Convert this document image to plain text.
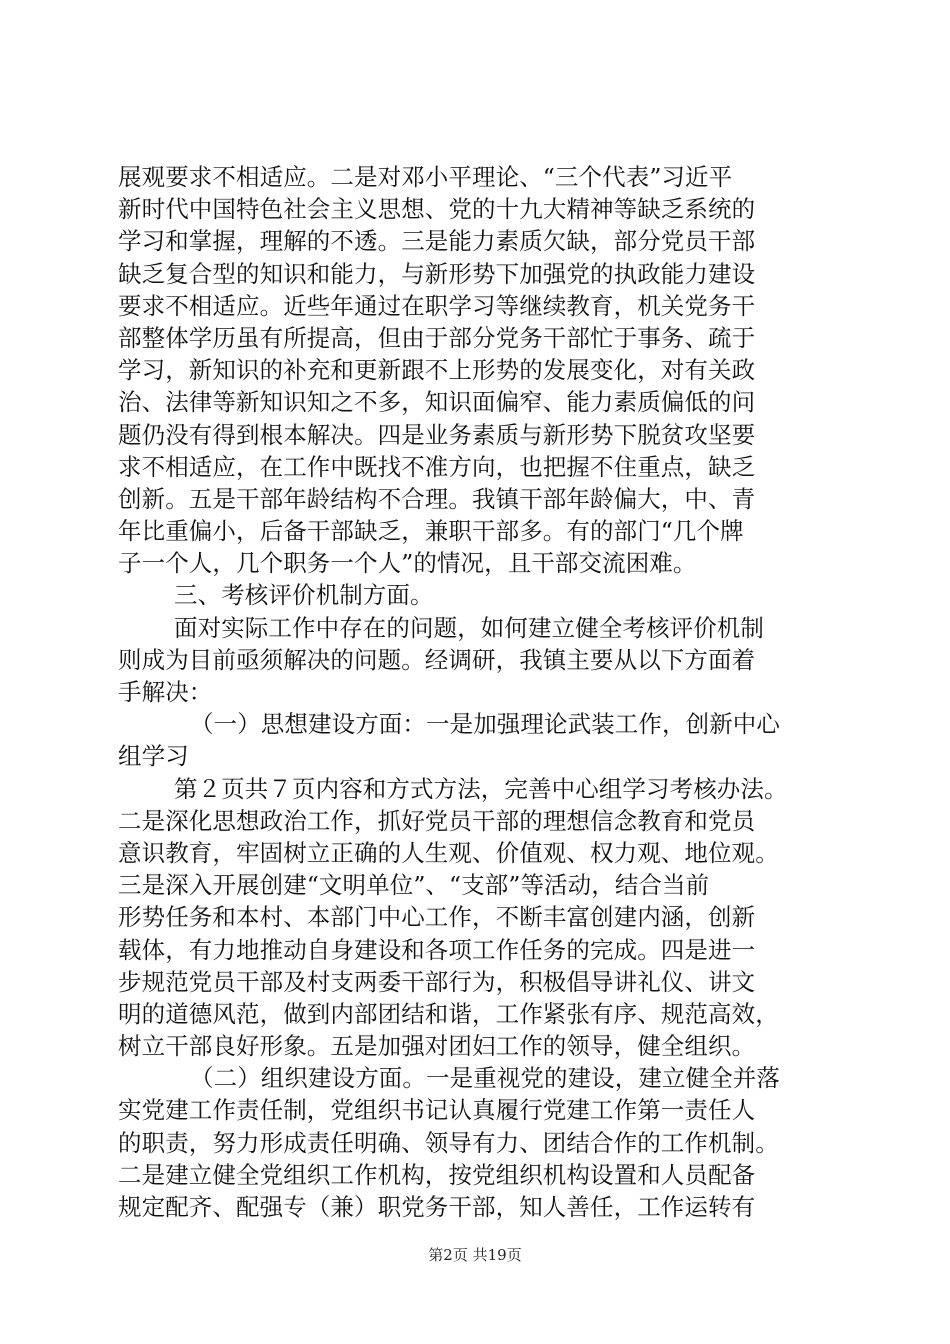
展观要求不相适应。二是对邓小平理论、“三个代表”习近平
新时代中国特色社会主义思想、党的十九大精神等缺乏系统的
学习和掌握，理解的不透。三是能力素质欠缺，部分党员干部
缺乏复合型的知识和能力，与新形势下加强党的执政能力建设
要求不相适应。近些年通过在职学习等继续教育，机关党务干
部整体学历虽有所提高，但由于部分党务干部忙于事务、疏于
学习，新知识的补充和更新跟不上形势的发展变化，对有关政
治、法律等新知识知之不多，知识面偏窄、能力素质偏低的问
题仍没有得到根本解决。四是业务素质与新形势下脱贫攻坚要
求不相适应，在工作中既找不准方向，也把握不住重点，缺乏
创新。五是干部年龄结构不合理。我镇干部年龄偏大，中、青
年比重偏小，后备干部缺乏，兼职干部多。有的部门“几个牌
子一个人，几个职务一个人”的情况，且干部交流困难。
三、考核评价机制方面。
面对实际工作中存在的问题，如何建立健全考核评价机制
则成为目前亟须解决的问题。经调研，我镇主要从以下方面着
手解决：
（一）思想建设方面：一是加强理论武装工作，创新中心
组学习
第２页共７页内容和方式方法，完善中心组学习考核办法。
二是深化思想政治工作，抓好党员干部的理想信念教育和党员
意识教育，牢固树立正确的人生观、价值观、权力观、地位观。
三是深入开展创建“文明单位”、“支部”等活动，结合当前
形势任务和本村、本部门中心工作，不断丰富创建内涵，创新
载体，有力地推动自身建设和各项工作任务的完成。四是进一
步规范党员干部及村支两委干部行为，积极倡导讲礼仪、讲文
明的道德风范，做到内部团结和谐，工作紧张有序、规范高效，
树立干部良好形象。五是加强对团妇工作的领导，健全组织。
（二）组织建设方面。一是重视党的建设，建立健全并落
实党建工作责任制，党组织书记认真履行党建工作第一责任人
的职责，努力形成责任明确、领导有力、团结合作的工作机制。
二是建立健全党组织工作机构，按党组织机构设置和人员配备
规定配齐、配强专（兼）职党务干部，知人善任，工作运转有
第2页 共19页
